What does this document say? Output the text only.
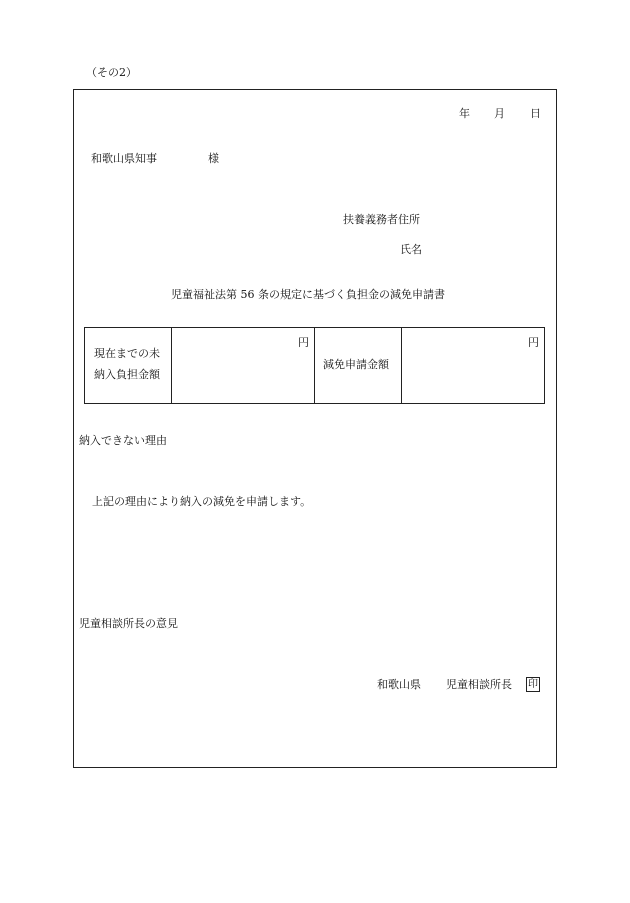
（その2）
年 月 日
和歌山県知事	様
扶養義務者住所
氏名
児童福祉法第 56 条の規定に基づく負担金の減免申請書
現在までの未
納入負担金額
円
減免申請金額
円
納入できない理由
上記の理由により納入の減免を申請します。
児童相談所長の意見
和歌山県 児童相談所長 印
